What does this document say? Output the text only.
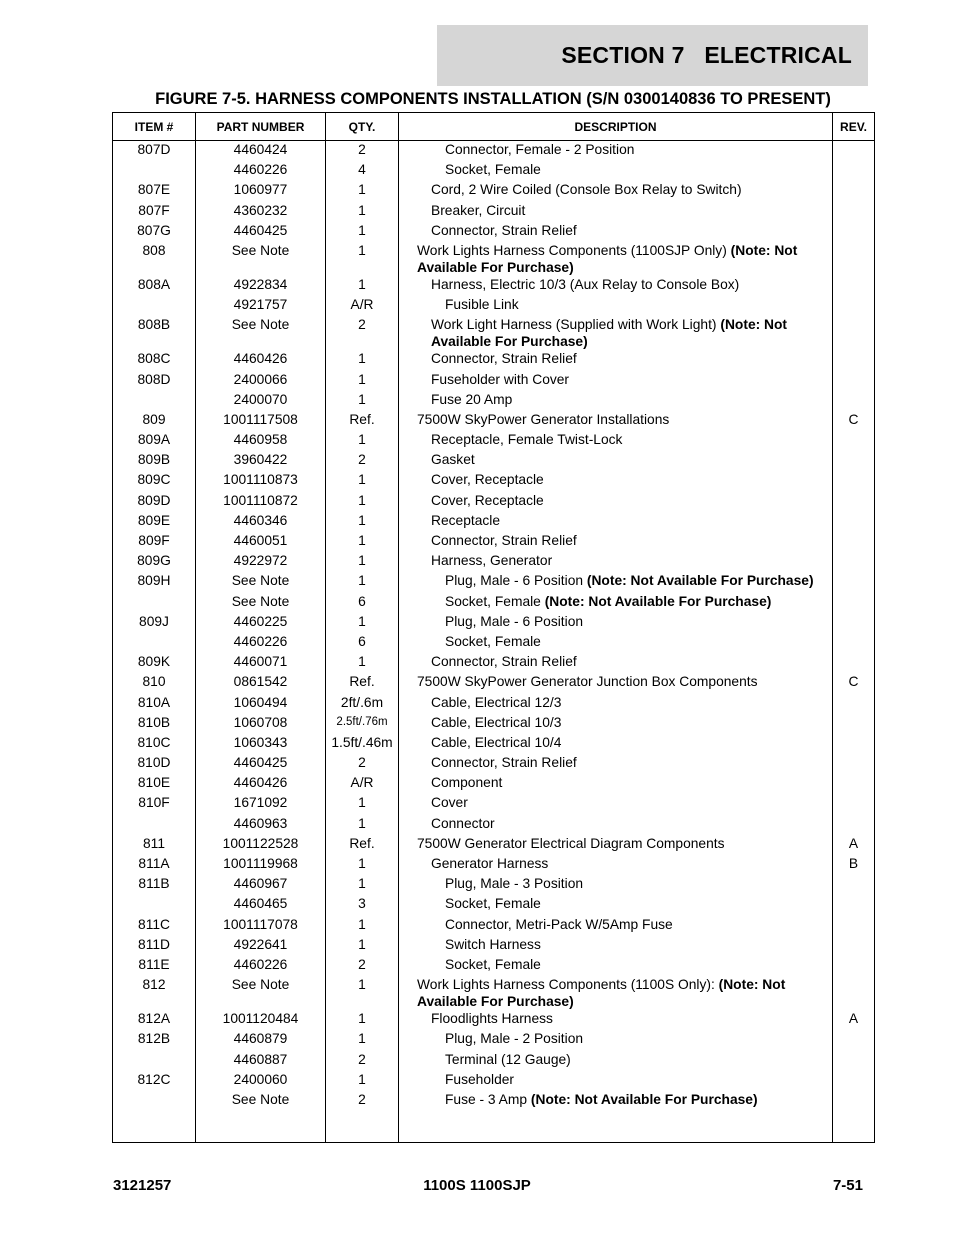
SECTION 7   ELECTRICAL
FIGURE 7-5. HARNESS COMPONENTS INSTALLATION (S/N 0300140836 TO PRESENT)
ITEM #	PART NUMBER	QTY.	DESCRIPTION	REV.
807D	4460424	2	Connector, Female - 2 Position	
	4460226	4	Socket, Female	
807E	1060977	1	Cord, 2 Wire Coiled (Console Box Relay to Switch)	
807F	4360232	1	Breaker, Circuit	
807G	4460425	1	Connector, Strain Relief	
808	See Note	1	Work Lights Harness Components (1100SJP Only) (Note: Not Available For Purchase)	
808A	4922834	1	Harness, Electric 10/3 (Aux Relay to Console Box)	
	4921757	A/R	Fusible Link	
808B	See Note	2	Work Light Harness (Supplied with Work Light) (Note: Not Available For Purchase)	
808C	4460426	1	Connector, Strain Relief	
808D	2400066	1	Fuseholder with Cover	
	2400070	1	Fuse 20 Amp	
809	1001117508	Ref.	7500W SkyPower Generator Installations	C
809A	4460958	1	Receptacle, Female Twist-Lock	
809B	3960422	2	Gasket	
809C	1001110873	1	Cover, Receptacle	
809D	1001110872	1	Cover, Receptacle	
809E	4460346	1	Receptacle	
809F	4460051	1	Connector, Strain Relief	
809G	4922972	1	Harness, Generator	
809H	See Note	1	Plug, Male - 6 Position (Note: Not Available For Purchase)	
	See Note	6	Socket, Female (Note: Not Available For Purchase)	
809J	4460225	1	Plug, Male - 6 Position	
	4460226	6	Socket, Female	
809K	4460071	1	Connector, Strain Relief	
810	0861542	Ref.	7500W SkyPower Generator Junction Box Components	C
810A	1060494	2ft/.6m	Cable, Electrical 12/3	
810B	1060708	2.5ft/.76m	Cable, Electrical 10/3	
810C	1060343	1.5ft/.46m	Cable, Electrical 10/4	
810D	4460425	2	Connector, Strain Relief	
810E	4460426	A/R	Component	
810F	1671092	1	Cover	
	4460963	1	Connector	
811	1001122528	Ref.	7500W Generator Electrical Diagram Components	A
811A	1001119968	1	Generator Harness	B
811B	4460967	1	Plug, Male - 3 Position	
	4460465	3	Socket, Female	
811C	1001117078	1	Connector, Metri-Pack W/5Amp Fuse	
811D	4922641	1	Switch Harness	
811E	4460226	2	Socket, Female	
812	See Note	1	Work Lights Harness Components (1100S Only): (Note: Not Available For Purchase)	
812A	1001120484	1	Floodlights Harness	A
812B	4460879	1	Plug, Male - 2 Position	
	4460887	2	Terminal (12 Gauge)	
812C	2400060	1	Fuseholder	
	See Note	2	Fuse - 3 Amp (Note: Not Available For Purchase)	

3121257	1100S 1100SJP	7-51
